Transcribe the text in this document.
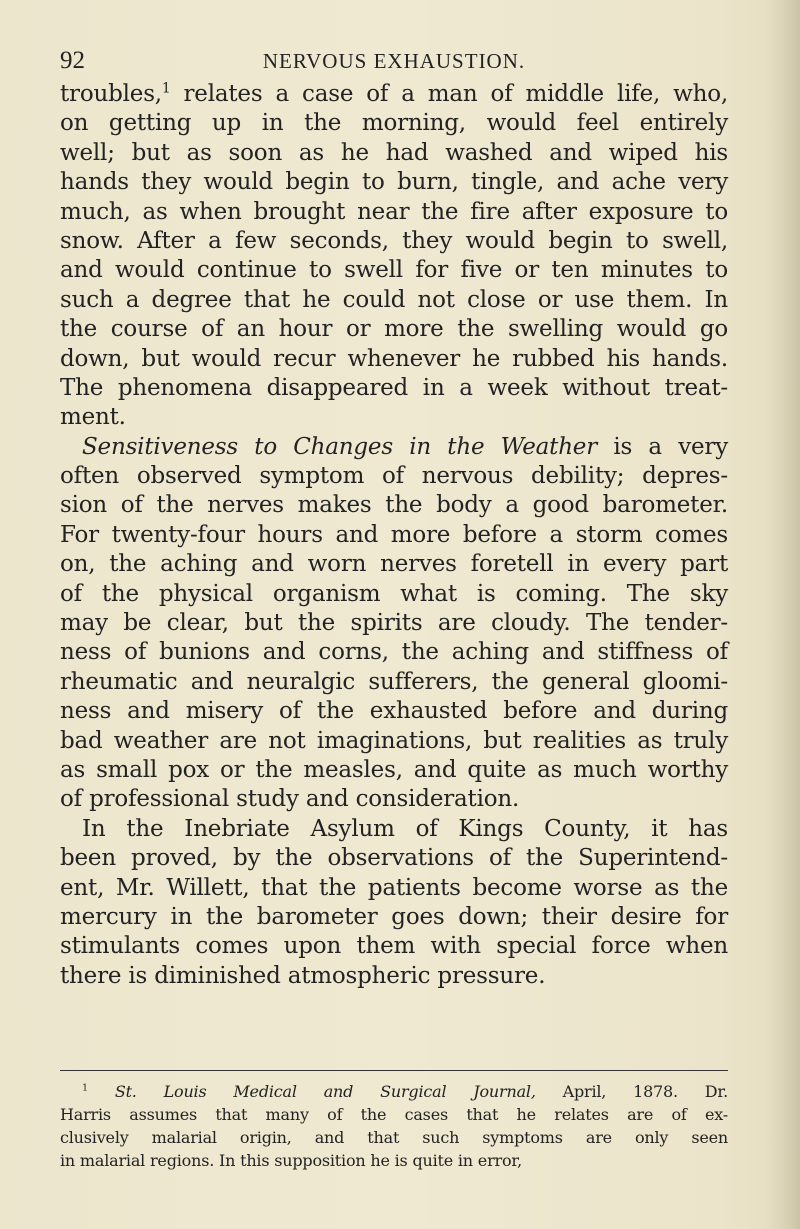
92	NERVOUS EXHAUSTION.
troubles,$^1$ relates a case of a man of middle life, who,
on getting up in the morning, would feel entirely
well; but as soon as he had washed and wiped his
hands they would begin to burn, tingle, and ache very
much, as when brought near the fire after exposure to
snow. After a few seconds, they would begin to swell,
and would continue to swell for five or ten minutes to
such a degree that he could not close or use them. In
the course of an hour or more the swelling would go
down, but would recur whenever he rubbed his hands.
The phenomena disappeared in a week without treat-
ment.
Sensitiveness to Changes in the Weather is a very
often observed symptom of nervous debility; depres-
sion of the nerves makes the body a good barometer.
For twenty-four hours and more before a storm comes
on, the aching and worn nerves foretell in every part
of the physical organism what is coming. The sky
may be clear, but the spirits are cloudy. The tender-
ness of bunions and corns, the aching and stiffness of
rheumatic and neuralgic sufferers, the general gloomi-
ness and misery of the exhausted before and during
bad weather are not imaginations, but realities as truly
as small pox or the measles, and quite as much worthy
of professional study and consideration.
In the Inebriate Asylum of Kings County, it has
been proved, by the observations of the Superintend-
ent, Mr. Willett, that the patients become worse as the
mercury in the barometer goes down; their desire for
stimulants comes upon them with special force when
there is diminished atmospheric pressure.
$^1$ St. Louis Medical and Surgical Journal, April, 1878. Dr.
Harris assumes that many of the cases that he relates are of ex-
clusively malarial origin, and that such symptoms are only seen
in malarial regions. In this supposition he is quite in error,
